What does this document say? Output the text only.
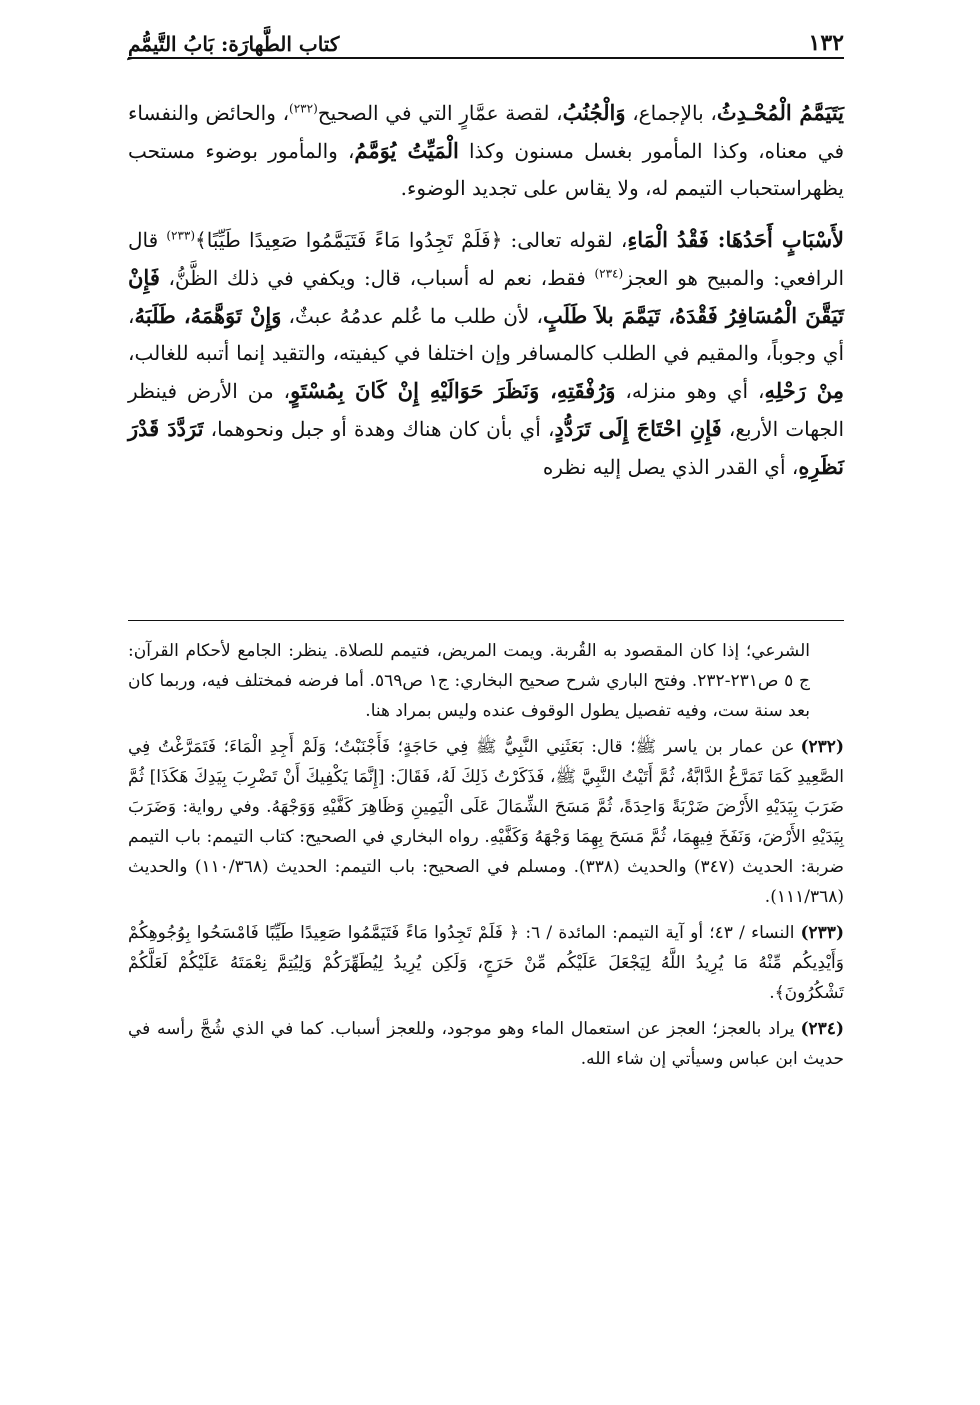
١٣٢
كتاب الطَّهارَة: بَابُ التَّيمُّمِ

يَتَيَمَّمُ الْمُحْـدِثُ، بالإجماع، وَالْجُنُبُ، لقصة عمَّارٍ التي في الصحيح$^{(٢٣٢)}$، والحائض والنفساء في معناه، وكذا المأمور بغسل مسنون وكذا الْمَيِّتُ يُوَمَّمُ، والمأمور بوضوء مستحب يظهراستحباب التيمم له، ولا يقاس على تجديد الوضوء.

لأَسْبَابٍ أَحَدُهَا: فَقْدُ الْمَاءِ، لقوله تعالى: ﴿فَلَمْ تَجِدُوا مَاءً فَتَيَمَّمُوا صَعِيدًا طَيِّبًا﴾$^{(٢٣٣)}$ قال الرافعي: والمبيح هو العجز$^{(٢٣٤)}$ فقط، نعم له أسباب، قال: ويكفي في ذلك الظَّنُّ، فَإِنْ تَيَقَّنَ الْمُسَافِرُ فَقْدَهُ، تَيَمَّمَ بلاَ طَلَبٍ، لأن طلب ما عُلم عدمُهُ عبثٌ، وَإِنْ تَوَهَّمَهُ، طَلَبَهُ، أي وجوباً، والمقيم في الطلب كالمسافر وإن اختلفا في كيفيته، والتقيد إنما أتىبه للغالب، مِنْ رَحْلِهِ، أي وهو منزله، وَرُفْقَتِهِ، وَنَظَرَ حَوَالَيْهِ إِنْ كَانَ بِمُسْتَوٍ، من الأرض فينظر الجهات الأربع، فَإِنِ احْتَاجَ إِلَى تَرَدُّدٍ، أي بأن كان هناك وهدة أو جبل ونحوهما، تَرَدَّدَ قَدْرَ نَظَرِهِ، أي القدر الذي يصل إليه نظره

الشرعي؛ إذا كان المقصود به القُربة. ويمت المريض، فتيمم للصلاة. ينظر: الجامع لأحكام القرآن: ج ٥ ص٢٣١-٢٣٢. وفتح الباري شرح صحيح البخاري: ج١ ص٥٦٩. أما فرضه فمختلف فيه، وربما كان بعد سنة ست، وفيه تفصيل يطول الوقوف عنده وليس بمراد هنا.

(٢٣٢)عن عمار بن ياسر ﷺ؛ قال: بَعَثَنِي النَّبِيُّ ﷺ فِي حَاجَةٍ؛ فَأَجْنَبْتُ؛ وَلَمْ أَجِدِ الْمَاءَ؛ فَتَمَرَّغْتُ فِي الصَّعِيدِ كَمَا تَمَرَّغُ الدَّابَّةُ، ثُمَّ أَتَيْتُ النَّبِيَّ ﷺ، فَذَكَرْتُ ذَلِكَ لَهُ، فَقَالَ: [إِنَّمَا يَكْفِيكَ أَنْ تَضْرِبَ بِيَدِكَ هَكَذَا] ثُمَّ ضَرَبَ بِيَدَيْهِ الأَرْضَ ضَرْبَةً وَاحِدَةً، ثُمَّ مَسَحَ الشِّمَالَ عَلَى الْيَمِينِ وَظَاهِرَ كَفَّيْهِ وَوَجْهَهُ. وفي رواية: وَضَرَبَ بِيَدَيْهِ الأَرْضَ، وَنَفَخَ فِيهِمَا، ثُمَّ مَسَحَ بِهِمَا وَجْهَهُ وَكَفَّيْهِ. رواه البخاري في الصحيح: كتاب التيمم: باب التيمم ضربة: الحديث (٣٤٧) والحديث (٣٣٨). ومسلم في الصحيح: باب التيمم: الحديث (١١٠/٣٦٨) والحديث (١١١/٣٦٨).

(٢٣٣)النساء / ٤٣؛ أو آية التيمم: المائدة / ٦: ﴿ فَلَمْ تَجِدُوا مَاءً فَتَيَمَّمُوا صَعِيدًا طَيِّبًا فَامْسَحُوا بِوُجُوهِكُمْ وَأَيْدِيكُم مِّنْهُ مَا يُرِيدُ اللَّهُ لِيَجْعَلَ عَلَيْكُم مِّنْ حَرَجٍ، وَلَكِن يُرِيدُ لِيُطَهِّرَكُمْ وَلِيُتِمَّ نِعْمَتَهُ عَلَيْكُمْ لَعَلَّكُمْ تَشْكُرُونَ﴾.

(٢٣٤)يراد بالعجز؛ العجز عن استعمال الماء وهو موجود، وللعجز أسباب. كما في الذي شُجَّ رأسه في حديث ابن عباس وسيأتي إن شاء الله.
